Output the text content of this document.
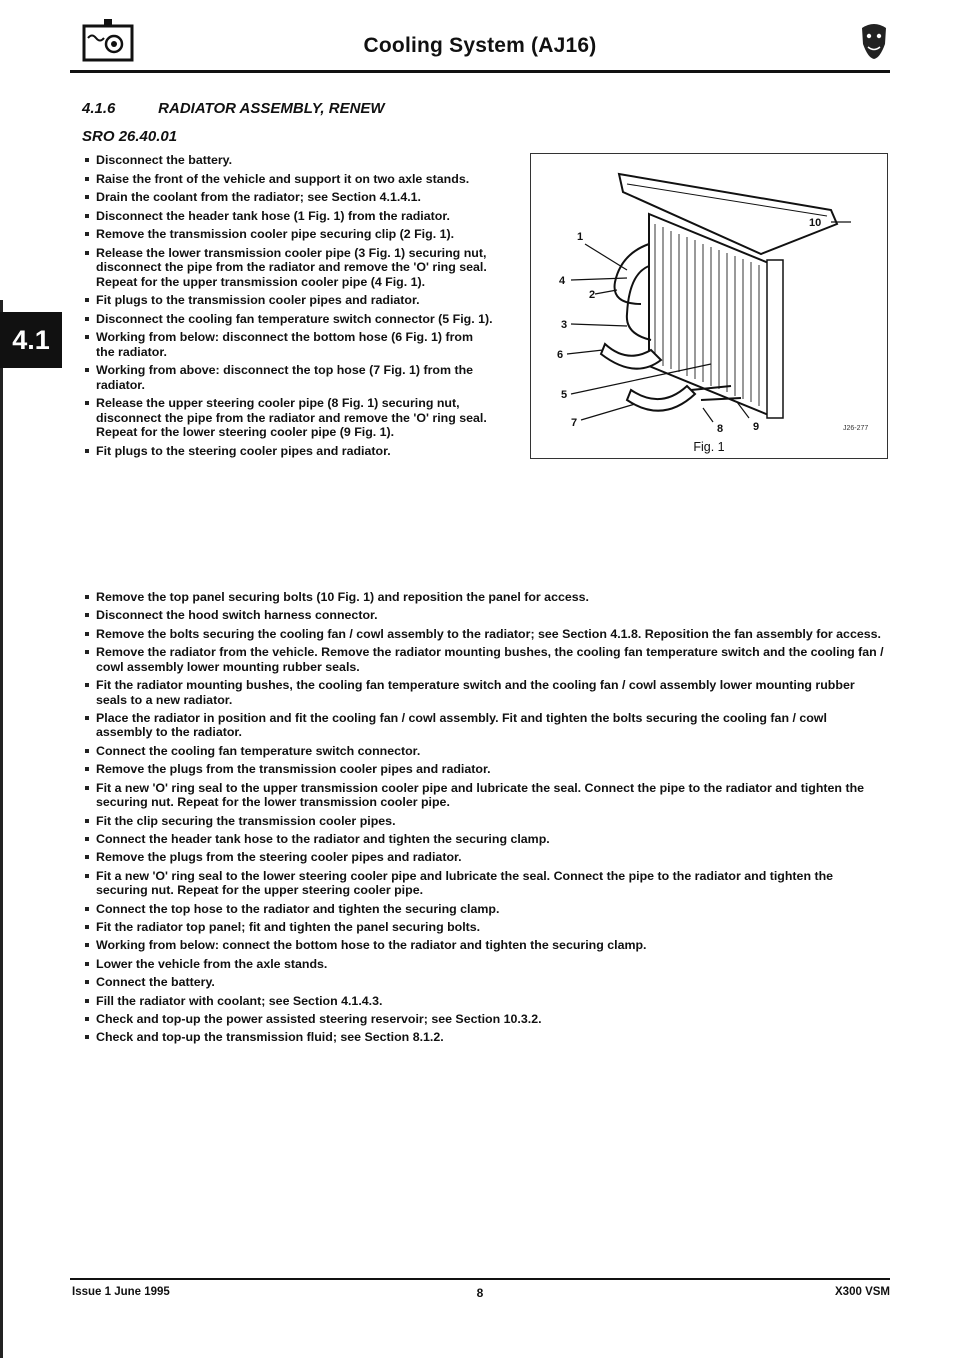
Cooling System (AJ16)
4.1
4.1.6	RADIATOR ASSEMBLY, RENEW
SRO 26.40.01
Disconnect the battery.
Raise the front of the vehicle and support it on two axle stands.
Drain the coolant from the radiator; see Section 4.1.4.1.
Disconnect the header tank hose (1 Fig. 1) from the radiator.
Remove the transmission cooler pipe securing clip (2 Fig. 1).
Release the lower transmission cooler pipe (3 Fig. 1) securing nut, disconnect the pipe from the radiator and remove the 'O' ring seal. Repeat for the upper transmission cooler pipe (4 Fig. 1).
Fit plugs to the transmission cooler pipes and radiator.
Disconnect the cooling fan temperature switch connector (5 Fig. 1).
Working from below: disconnect the bottom hose (6 Fig. 1) from the radiator.
Working from above: disconnect the top hose (7 Fig. 1) from the radiator.
Release the upper steering cooler pipe (8 Fig. 1) securing nut, disconnect the pipe from the radiator and remove the 'O' ring seal. Repeat for the lower steering cooler pipe (9 Fig. 1).
Fit plugs to the steering cooler pipes and radiator.
1
2
3
4
5
6
7	8	9
10
J26-277
Fig. 1
Remove the top panel securing bolts (10 Fig. 1) and reposition the panel for access.
Disconnect the hood switch harness connector.
Remove the bolts securing the cooling fan / cowl assembly to the radiator; see Section 4.1.8. Reposition the fan assembly for access.
Remove the radiator from the vehicle. Remove the radiator mounting bushes, the cooling fan temperature switch and the cooling fan / cowl assembly lower mounting rubber seals.
Fit the radiator mounting bushes, the cooling fan temperature switch and the cooling fan / cowl assembly lower mounting rubber seals to a new radiator.
Place the radiator in position and fit the cooling fan / cowl assembly. Fit and tighten the bolts securing the cooling fan / cowl assembly to the radiator.
Connect the cooling fan temperature switch connector.
Remove the plugs from the transmission cooler pipes and radiator.
Fit a new 'O' ring seal to the upper transmission cooler pipe and lubricate the seal. Connect the pipe to the radiator and tighten the securing nut. Repeat for the lower transmission cooler pipe.
Fit the clip securing the transmission cooler pipes.
Connect the header tank hose to the radiator and tighten the securing clamp.
Remove the plugs from the steering cooler pipes and radiator.
Fit a new 'O' ring seal to the lower steering cooler pipe and lubricate the seal. Connect the pipe to the radiator and tighten the securing nut. Repeat for the upper steering cooler pipe.
Connect the top hose to the radiator and tighten the securing clamp.
Fit the radiator top panel; fit and tighten the panel securing bolts.
Working from below: connect the bottom hose to the radiator and tighten the securing clamp.
Lower the vehicle from the axle stands.
Connect the battery.
Fill the radiator with coolant; see Section 4.1.4.3.
Check and top-up the power assisted steering reservoir; see Section 10.3.2.
Check and top-up the transmission fluid; see Section 8.1.2.
Issue 1 June 1995	8	X300 VSM
